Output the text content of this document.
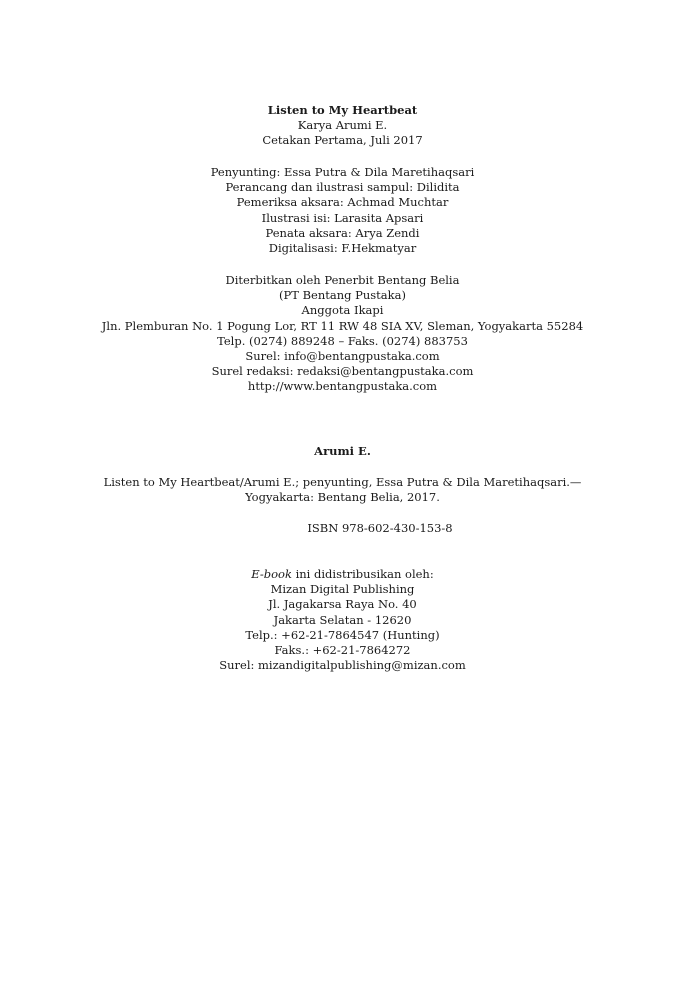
Listen to My Heartbeat
Karya Arumi E.
Cetakan Pertama, Juli 2017
Penyunting: Essa Putra & Dila Maretihaqsari
Perancang dan ilustrasi sampul: Dilidita
Pemeriksa aksara: Achmad Muchtar
Ilustrasi isi: Larasita Apsari
Penata aksara: Arya Zendi
Digitalisasi: F.Hekmatyar
Diterbitkan oleh Penerbit Bentang Belia
(PT Bentang Pustaka)
Anggota Ikapi
Jln. Plemburan No. 1 Pogung Lor, RT 11 RW 48 SIA XV, Sleman, Yogyakarta 55284
Telp. (0274) 889248 – Faks. (0274) 883753
Surel: info@bentangpustaka.com
Surel redaksi: redaksi@bentangpustaka.com
http://www.bentangpustaka.com
Arumi E.
Listen to My Heartbeat/Arumi E.; penyunting, Essa Putra & Dila Maretihaqsari.—
Yogyakarta: Bentang Belia, 2017.
ISBN 978-602-430-153-8
E-book ini didistribusikan oleh:
Mizan Digital Publishing
Jl. Jagakarsa Raya No. 40
Jakarta Selatan - 12620
Telp.: +62-21-7864547 (Hunting)
Faks.: +62-21-7864272
Surel: mizandigitalpublishing@mizan.com
